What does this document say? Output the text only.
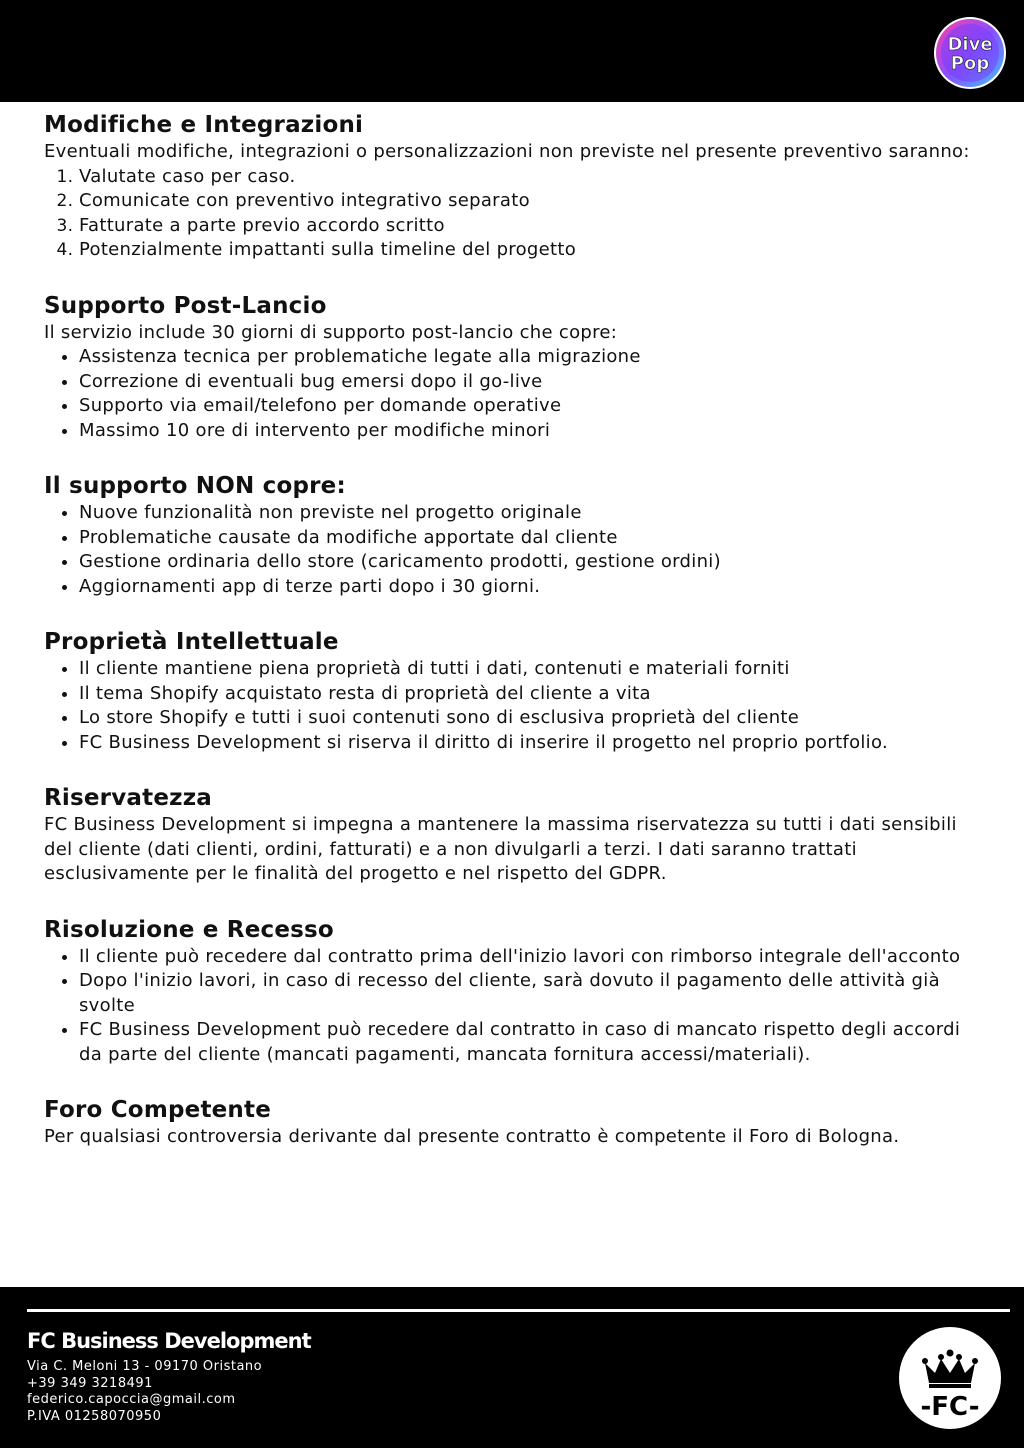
Dive
Pop
Modifiche e Integrazioni

Eventuali modifiche, integrazioni o personalizzazioni non previste nel presente preventivo saranno:

1. Valutate caso per caso.
2. Comunicate con preventivo integrativo separato
3. Fatturate a parte previo accordo scritto
4. Potenzialmente impattanti sulla timeline del progetto
Supporto Post-Lancio

Il servizio include 30 giorni di supporto post-lancio che copre:

• Assistenza tecnica per problematiche legate alla migrazione
• Correzione di eventuali bug emersi dopo il go-live
• Supporto via email/telefono per domande operative
• Massimo 10 ore di intervento per modifiche minori
Il supporto NON copre:
• Nuove funzionalità non previste nel progetto originale
• Problematiche causate da modifiche apportate dal cliente
• Gestione ordinaria dello store (caricamento prodotti, gestione ordini)
• Aggiornamenti app di terze parti dopo i 30 giorni.
Proprietà Intellettuale
• Il cliente mantiene piena proprietà di tutti i dati, contenuti e materiali forniti
• Il tema Shopify acquistato resta di proprietà del cliente a vita
• Lo store Shopify e tutti i suoi contenuti sono di esclusiva proprietà del cliente
• FC Business Development si riserva il diritto di inserire il progetto nel proprio portfolio.
Riservatezza

FC Business Development si impegna a mantenere la massima riservatezza su tutti i dati sensibili del cliente (dati clienti, ordini, fatturati) e a non divulgarli a terzi. I dati saranno trattati esclusivamente per le finalità del progetto e nel rispetto del GDPR.

Risoluzione e Recesso
• Il cliente può recedere dal contratto prima dell'inizio lavori con rimborso integrale dell'acconto
• Dopo l'inizio lavori, in caso di recesso del cliente, sarà dovuto il pagamento delle attività già svolte
• FC Business Development può recedere dal contratto in caso di mancato rispetto degli accordi da parte del cliente (mancati pagamenti, mancata fornitura accessi/materiali).
Foro Competente

Per qualsiasi controversia derivante dal presente contratto è competente il Foro di Bologna.

FC Business Development
Via C. Meloni 13 - 09170 Oristano
+39 349 3218491
federico.capoccia@gmail.com
P.IVA 01258070950	-FC-
